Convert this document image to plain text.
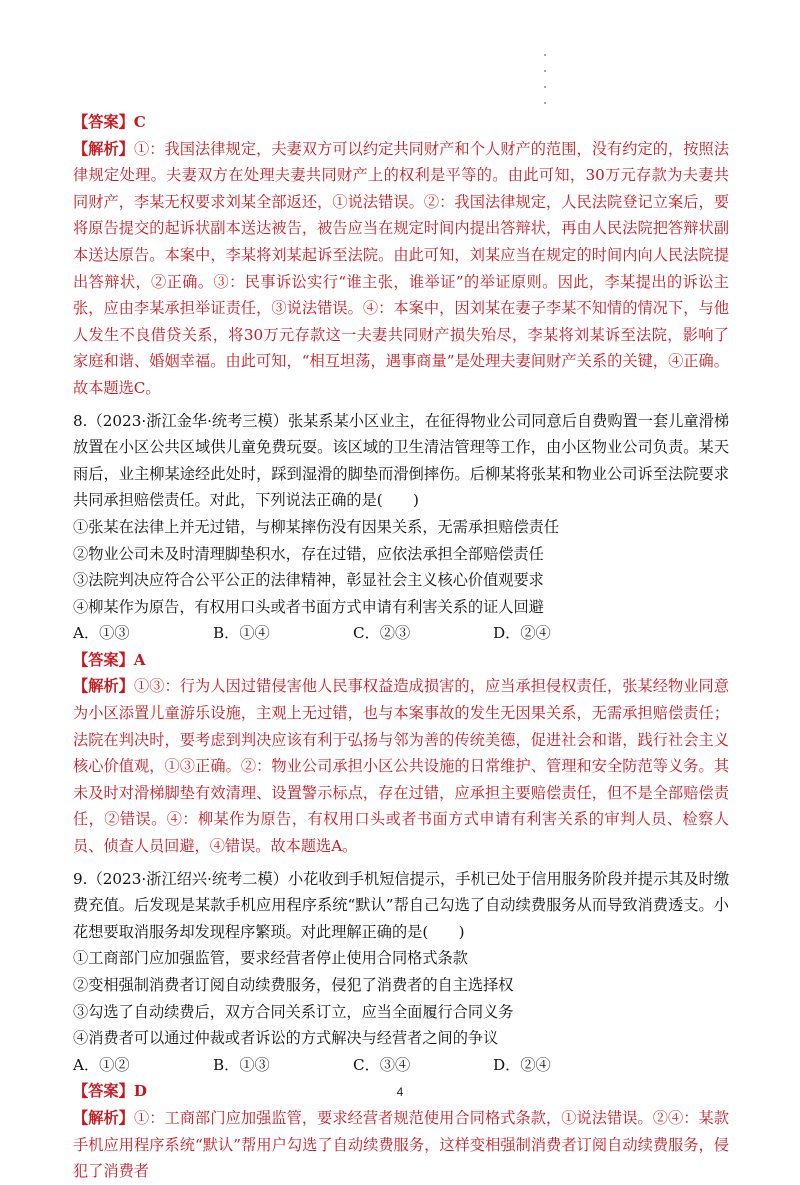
【答案】C

【解析】①：我国法律规定，夫妻双方可以约定共同财产和个人财产的范围，没有约定的，按照法律规定处理。夫妻双方在处理夫妻共同财产上的权利是平等的。由此可知，30万元存款为夫妻共同财产，李某无权要求刘某全部返还，①说法错误。②：我国法律规定，人民法院登记立案后，要将原告提交的起诉状副本送达被告，被告应当在规定时间内提出答辩状，再由人民法院把答辩状副本送达原告。本案中，李某将刘某起诉至法院。由此可知，刘某应当在规定的时间内向人民法院提出答辩状，②正确。③：民事诉讼实行“谁主张，谁举证”的举证原则。因此，李某提出的诉讼主张，应由李某承担举证责任，③说法错误。④：本案中，因刘某在妻子李某不知情的情况下，与他人发生不良借贷关系，将30万元存款这一夫妻共同财产损失殆尽，李某将刘某诉至法院，影响了家庭和谐、婚姻幸福。由此可知，“相互坦荡，遇事商量”是处理夫妻间财产关系的关键，④正确。故本题选C。

8.（2023·浙江金华·统考三模）张某系某小区业主，在征得物业公司同意后自费购置一套儿童滑梯放置在小区公共区域供儿童免费玩耍。该区域的卫生清洁管理等工作，由小区物业公司负责。某天雨后，业主柳某途经此处时，踩到湿滑的脚垫而滑倒摔伤。后柳某将张某和物业公司诉至法院要求共同承担赔偿责任。对此，下列说法正确的是(　　)

①张某在法律上并无过错，与柳某摔伤没有因果关系，无需承担赔偿责任

②物业公司未及时清理脚垫积水，存在过错，应依法承担全部赔偿责任

③法院判决应符合公平公正的法律精神，彰显社会主义核心价值观要求

④柳某作为原告，有权用口头或者书面方式申请有利害关系的证人回避

A．①③	B．①④	C．②③	D．②④

【答案】A

【解析】①③：行为人因过错侵害他人民事权益造成损害的，应当承担侵权责任，张某经物业同意为小区添置儿童游乐设施，主观上无过错，也与本案事故的发生无因果关系，无需承担赔偿责任；法院在判决时，要考虑到判决应该有利于弘扬与邻为善的传统美德，促进社会和谐，践行社会主义核心价值观，①③正确。②：物业公司承担小区公共设施的日常维护、管理和安全防范等义务。其未及时对滑梯脚垫有效清理、设置警示标点，存在过错，应承担主要赔偿责任，但不是全部赔偿责任，②错误。④：柳某作为原告，有权用口头或者书面方式申请有利害关系的审判人员、检察人员、侦查人员回避，④错误。故本题选A。

9.（2023·浙江绍兴·统考二模）小花收到手机短信提示，手机已处于信用服务阶段并提示其及时缴费充值。后发现是某款手机应用程序系统“默认”帮自己勾选了自动续费服务从而导致消费透支。小花想要取消服务却发现程序繁琐。对此理解正确的是(　　)

①工商部门应加强监管，要求经营者停止使用合同格式条款

②变相强制消费者订阅自动续费服务，侵犯了消费者的自主选择权

③勾选了自动续费后，双方合同关系订立，应当全面履行合同义务

④消费者可以通过仲裁或者诉讼的方式解决与经营者之间的争议

A．①②	B．①③	C．③④	D．②④

【答案】D

【解析】①：工商部门应加强监管，要求经营者规范使用合同格式条款，①说法错误。②④：某款手机应用程序系统“默认”帮用户勾选了自动续费服务，这样变相强制消费者订阅自动续费服务，侵犯了消费者

4
